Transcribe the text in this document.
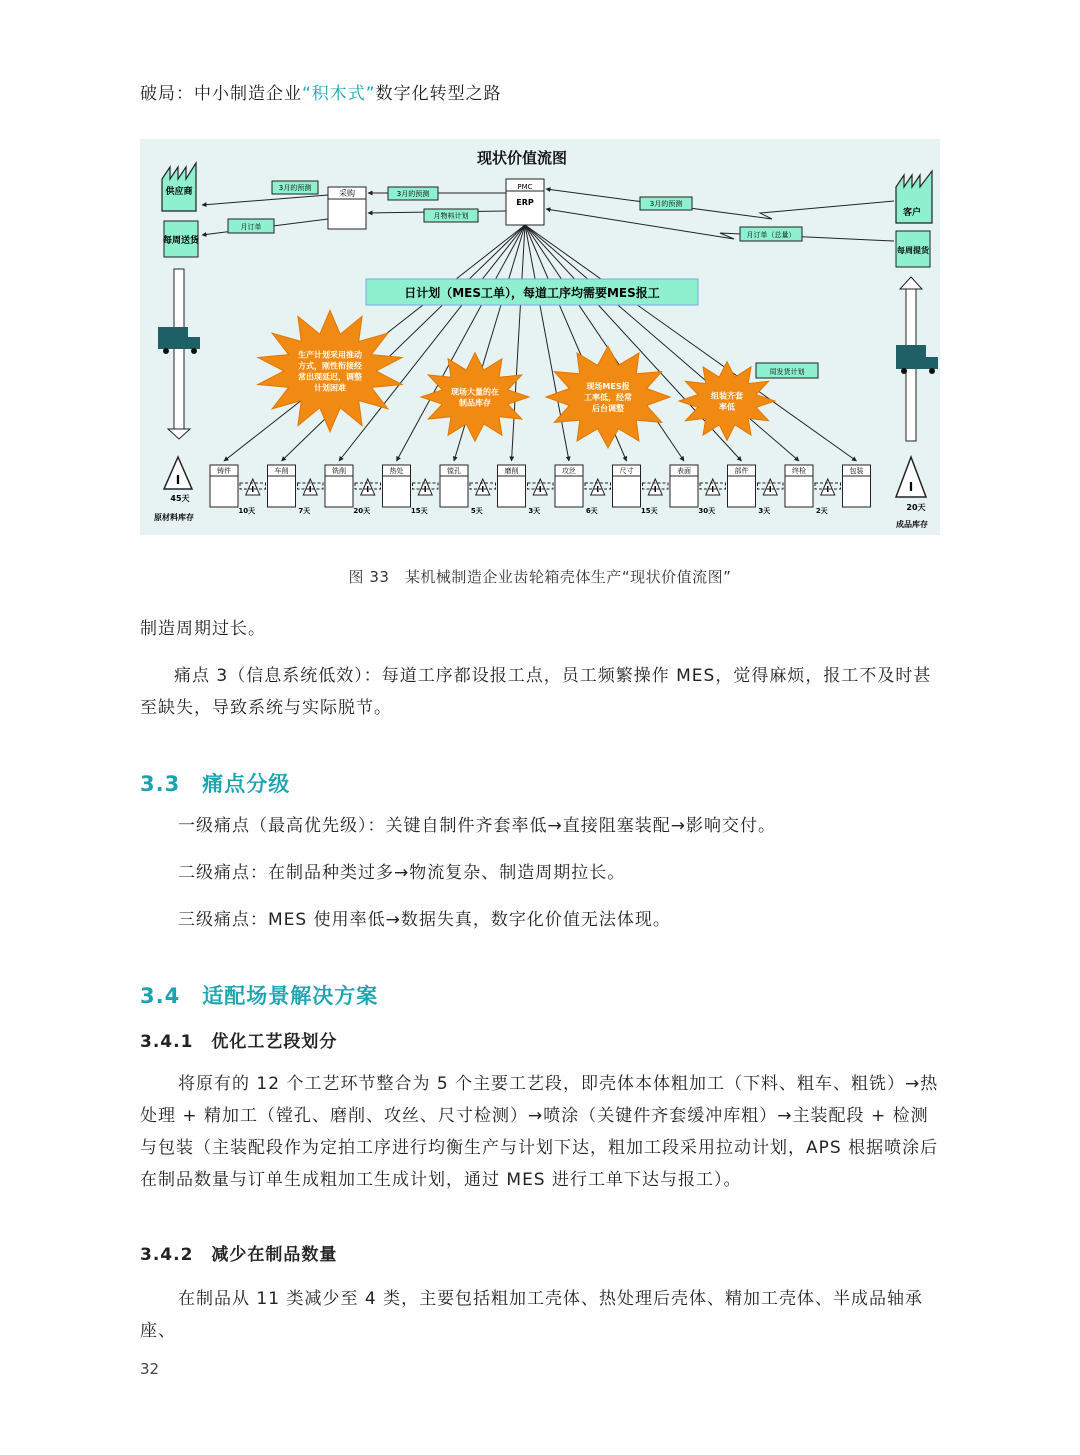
破局：中小制造企业“积木式”数字化转型之路
现状价值流图
供应商
每周送货
客户
每周提货
采购
PMC
ERP
3月的预测
3月的预测
3月的预测
月订单
月物料计划
月订单（总量）
日计划（MES工单），每道工序均需要MES报工
周发货计划
生产计划采用推动
方式，刚性衔接经
常出现延迟，调整
计划困难	现场大量的在
制品库存
现场MES报
工率低，经常
后台调整
组装齐套
率低
I
45天
原材料库存
I
20天
成品库存
铸件	车削	铣削	热处	镗孔	磨削	攻丝	尺寸	表面	部件	终检	包装
I
10天
I
7天
I
20天
I
15天
I
5天
I
3天
I
6天
I
15天
I
30天
I
3天
I
2天
图 33　某机械制造企业齿轮箱壳体生产“现状价值流图”
制造周期过长。
痛点 3（信息系统低效）：每道工序都设报工点，员工频繁操作 MES，觉得麻烦，报工不及时甚至缺失，导致系统与实际脱节。
3.3　痛点分级
一级痛点（最高优先级）：关键自制件齐套率低→直接阻塞装配→影响交付。
二级痛点：在制品种类过多→物流复杂、制造周期拉长。
三级痛点：MES 使用率低→数据失真，数字化价值无法体现。
3.4　适配场景解决方案
3.4.1　优化工艺段划分
将原有的 12 个工艺环节整合为 5 个主要工艺段，即壳体本体粗加工（下料、粗车、粗铣）→热处理 + 精加工（镗孔、磨削、攻丝、尺寸检测）→喷涂（关键件齐套缓冲库粗）→主装配段 + 检测与包装（主装配段作为定拍工序进行均衡生产与计划下达，粗加工段采用拉动计划，APS 根据喷涂后在制品数量与订单生成粗加工生成计划，通过 MES 进行工单下达与报工）。
3.4.2　减少在制品数量
在制品从 11 类减少至 4 类，主要包括粗加工壳体、热处理后壳体、精加工壳体、半成品轴承座、
32
